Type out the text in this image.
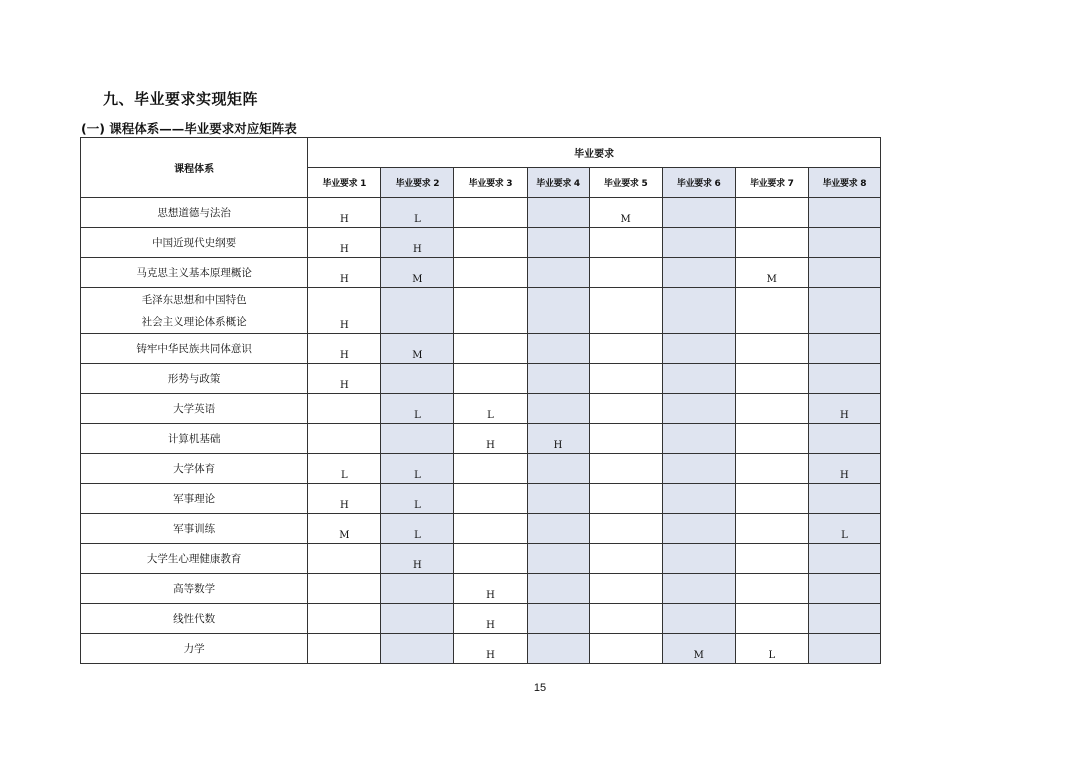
九、毕业要求实现矩阵
(一) 课程体系——毕业要求对应矩阵表
课程体系	毕业要求							
	毕业要求 1	毕业要求 2	毕业要求 3	毕业要求 4	毕业要求 5	毕业要求 6	毕业要求 7	毕业要求 8
思想道德与法治	H	L			M			
中国近现代史纲要	H	H						
马克思主义基本原理概论	H	M					M	

毛泽东思想和中国特色
社会主义理论体系概论	H							
铸牢中华民族共同体意识	H	M						
形势与政策	H							
大学英语		L	L					H
计算机基础			H	H				
大学体育	L	L						H
军事理论	H	L						
军事训练	M	L						L
大学生心理健康教育		H						
高等数学			H					
线性代数			H					
力学			H			M	L	
15
